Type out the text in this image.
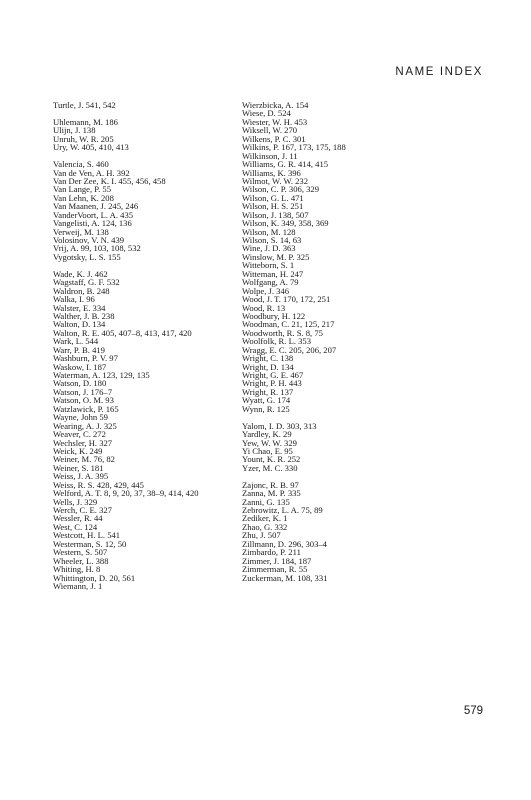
NAME INDEX
Turtle, J. 541, 542
Uhlemann, M. 186
Ulijn, J. 138
Unruh, W. R. 205
Ury, W. 405, 410, 413
Valencia, S. 460
Van de Ven, A. H. 392
Van Der Zee, K. I. 455, 456, 458
Van Lange, P. 55
Van Lehn, K. 208
Van Maanen, J. 245, 246
VanderVoort, L. A. 435
Vangelisti, A. 124, 136
Verweij, M. 138
Volosinov, V. N. 439
Vrij, A. 99, 103, 108, 532
Vygotsky, L. S. 155
Wade, K. J. 462
Wagstaff, G. F. 532
Waldron, B. 248
Walka, I. 96
Walster, E. 334
Walther, J. B. 238
Walton, D. 134
Walton, R. E. 405, 407–8, 413, 417, 420
Wark, L. 544
Warr, P. B. 419
Washburn, P. V. 97
Waskow, I. 187
Waterman, A. 123, 129, 135
Watson, D. 180
Watson, J. 176–7
Watson, O. M. 93
Watzlawick, P. 165
Wayne, John 59
Wearing, A. J. 325
Weaver, C. 272
Wechsler, H. 327
Weick, K. 249
Weiner, M. 76, 82
Weiner, S. 181
Weiss, J. A. 395
Weiss, R. S. 428, 429, 445
Welford, A. T. 8, 9, 20, 37, 38–9, 414, 420
Wells, J. 329
Werch, C. E. 327
Wessler, R. 44
West, C. 124
Westcott, H. L. 541
Westerman, S. 12, 50
Western, S. 507
Wheeler, L. 388
Whiting, H. 8
Whittington, D. 20, 561
Wiemann, J. 1
Wierzbicka, A. 154
Wiese, D. 524
Wiester, W. H. 453
Wiksell, W. 270
Wilkens, P. C. 301
Wilkins, P. 167, 173, 175, 188
Wilkinson, J. 11
Williams, G. R. 414, 415
Williams, K. 396
Wilmot, W. W. 232
Wilson, C. P. 306, 329
Wilson, G. L. 471
Wilson, H. S. 251
Wilson, J. 138, 507
Wilson, K. 349, 358, 369
Wilson, M. 128
Wilson, S. 14, 63
Wine, J. D. 363
Winslow, M. P. 325
Witteborn, S. 1
Witteman, H. 247
Wolfgang, A. 79
Wolpe, J. 346
Wood, J. T. 170, 172, 251
Wood, R. 13
Woodbury, H. 122
Woodman, C. 21, 125, 217
Woodworth, R. S. 8, 75
Woolfolk, R. L. 353
Wragg, E. C. 205, 206, 207
Wright, C. 138
Wright, D. 134
Wright, G. E. 467
Wright, P. H. 443
Wright, R. 137
Wyatt, G. 174
Wynn, R. 125
Yalom, I. D. 303, 313
Yardley, K. 29
Yew, W. W. 329
Yi Chao, E. 95
Yount, K. R. 252
Yzer, M. C. 330
Zajonc, R. B. 97
Zanna, M. P. 335
Zanni, G. 135
Zebrowitz, L. A. 75, 89
Zediker, K. 1
Zhao, G. 332
Zhu, J. 507
Zillmann, D. 296, 303–4
Zimbardo, P. 211
Zimmer, J. 184, 187
Zimmerman, R. 55
Zuckerman, M. 108, 331
579
